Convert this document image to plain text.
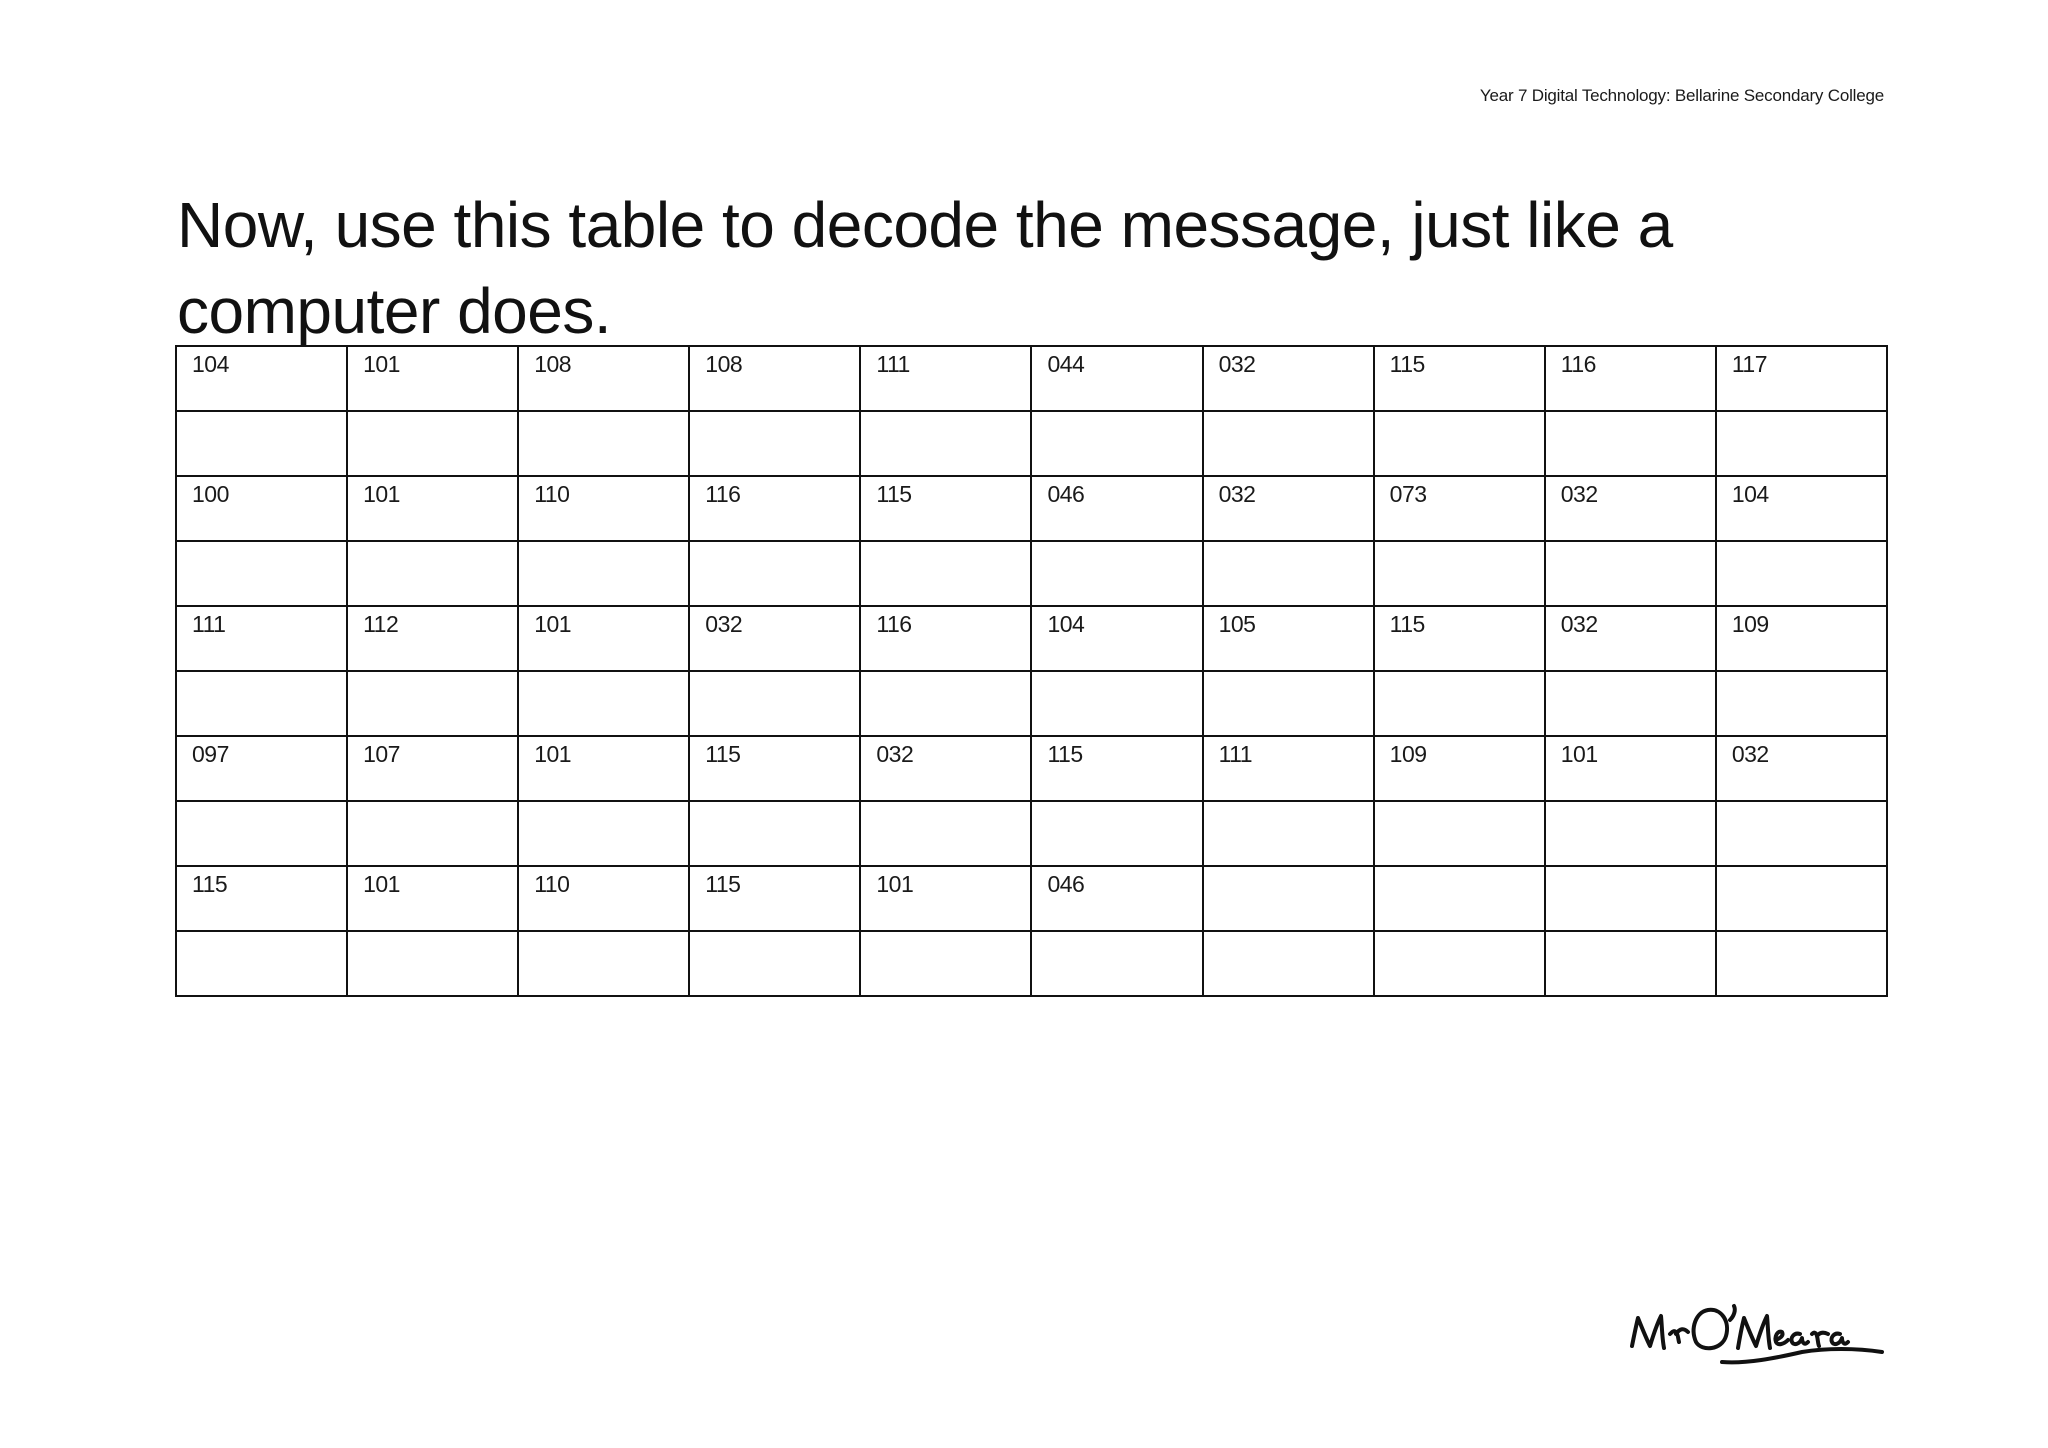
Year 7 Digital Technology: Bellarine Secondary College
Now, use this table to decode the message, just like a computer does.
104	101	108	108	111	044	032	115	116	117

100	101	110	116	115	046	032	073	032	104

111	112	101	032	116	104	105	115	032	109

097	107	101	115	032	115	111	109	101	032

115	101	110	115	101	046				
